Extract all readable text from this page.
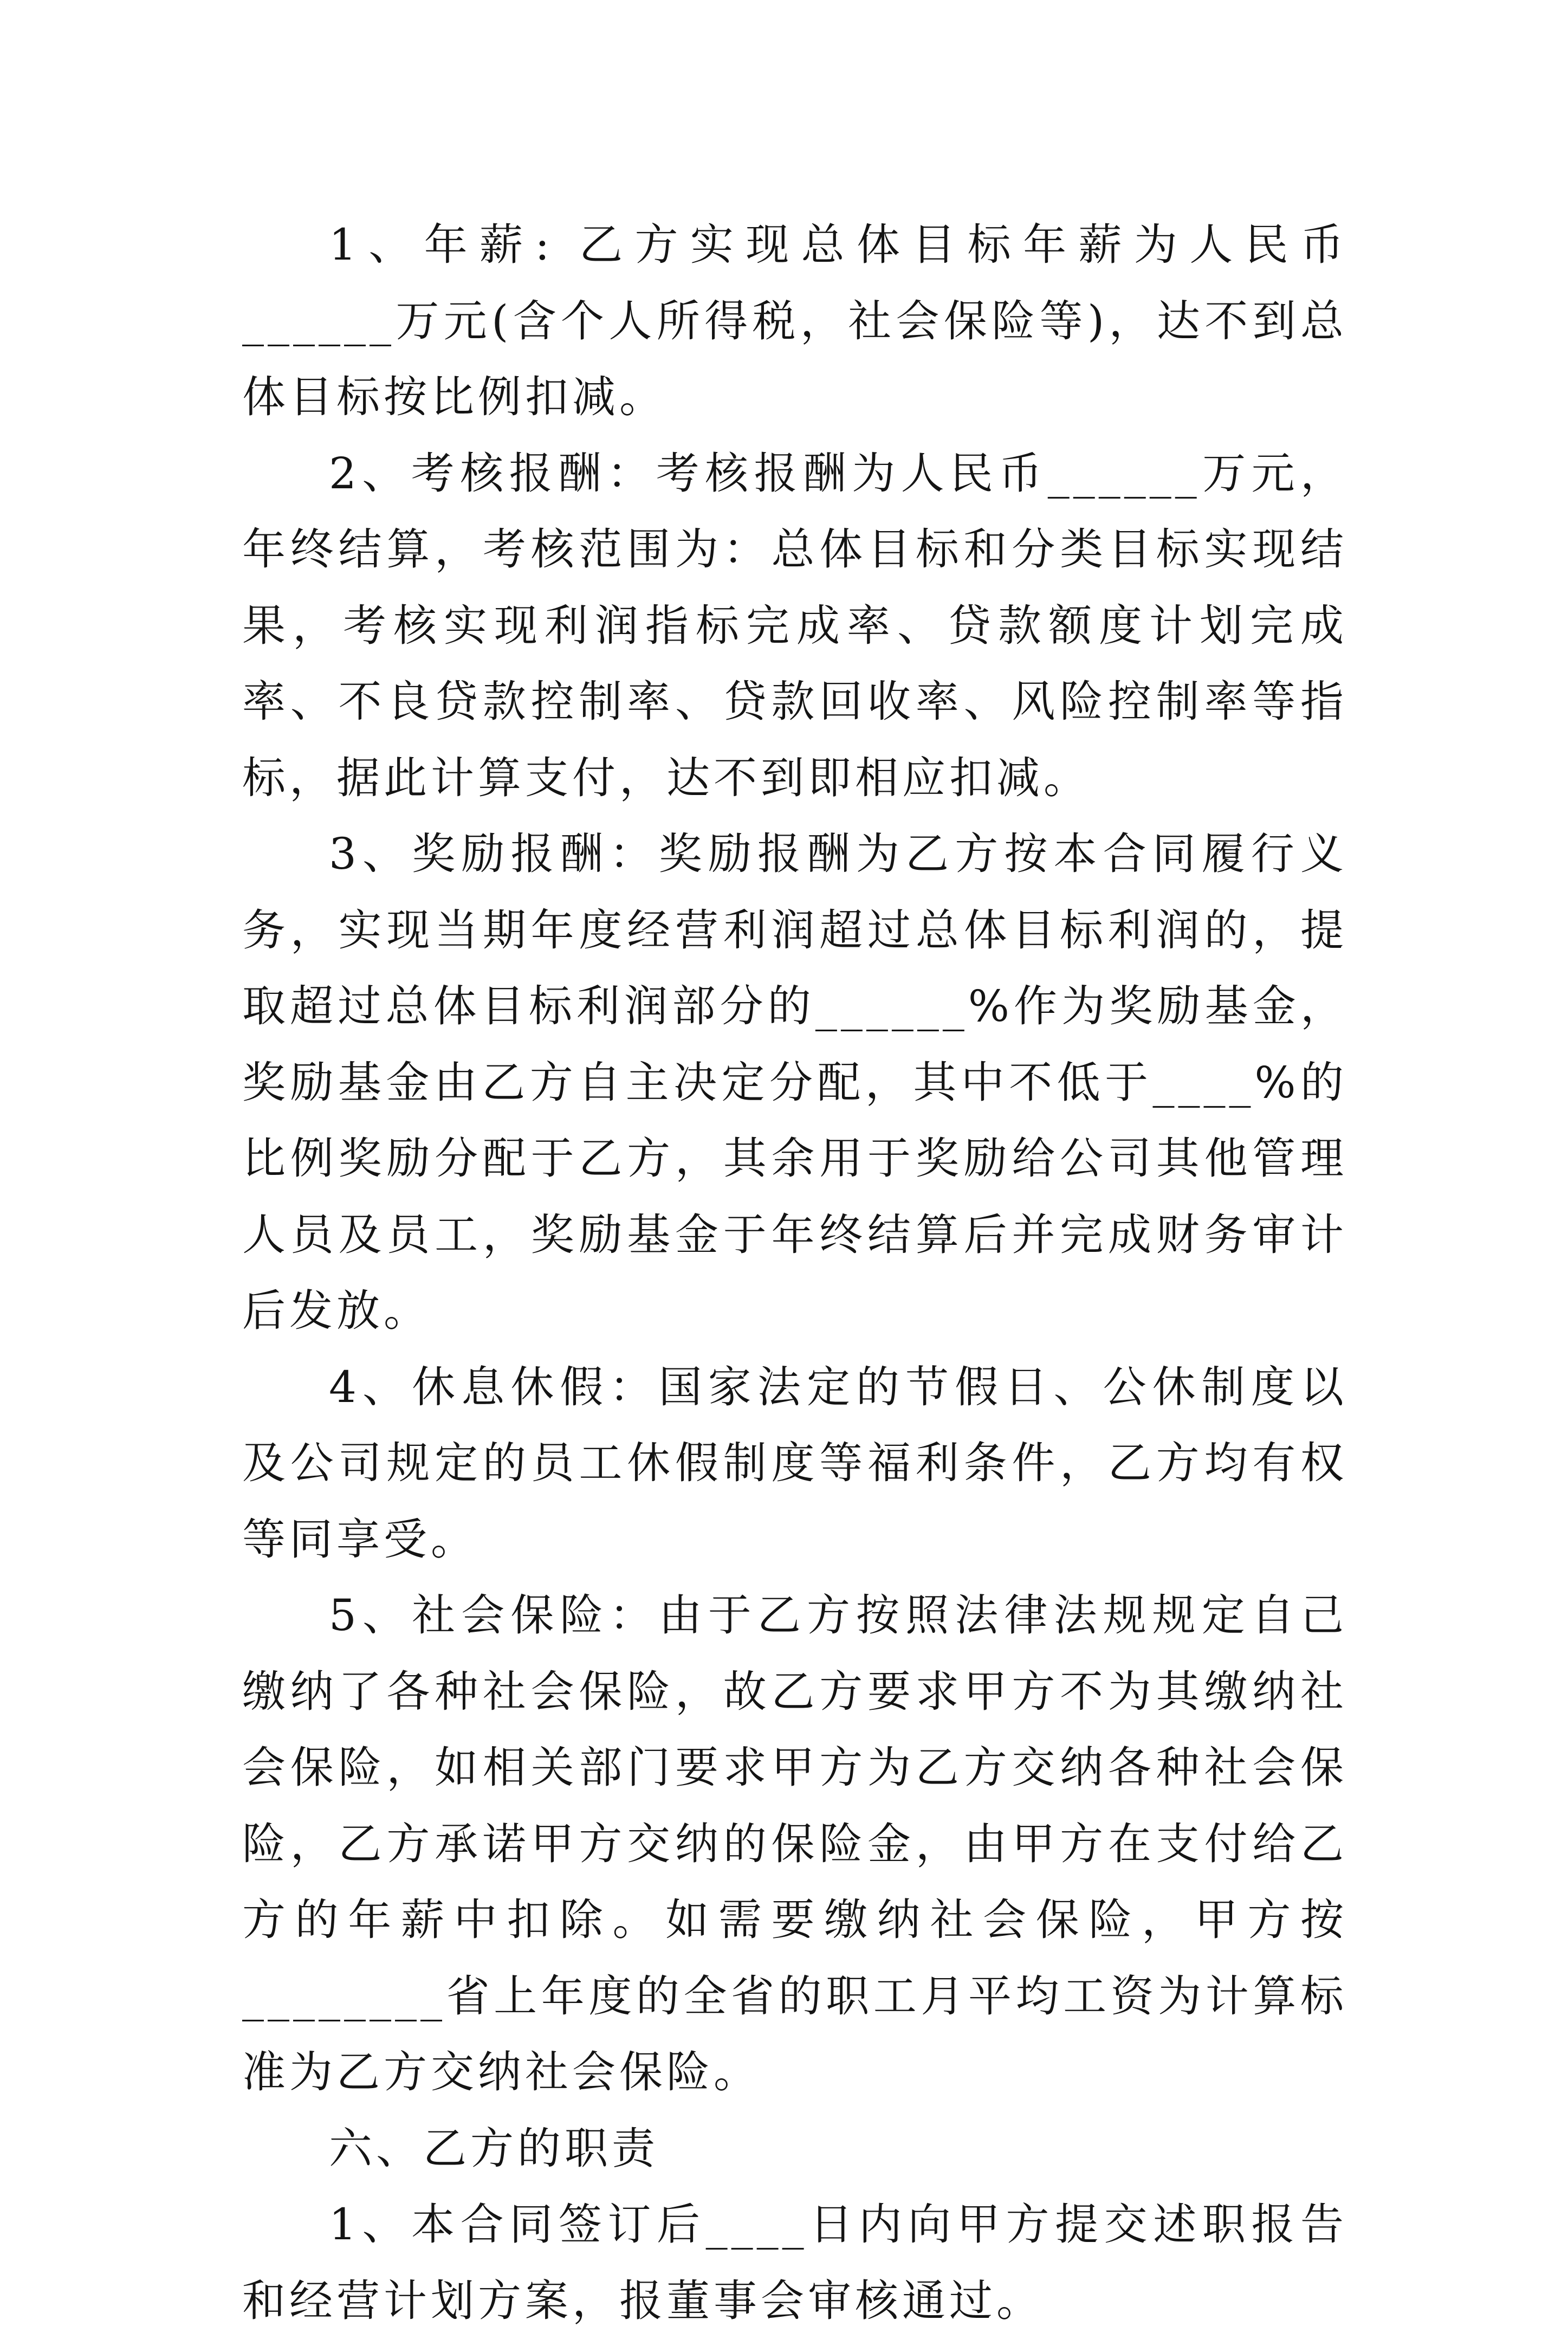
1、年薪: 乙方实现总体目标年薪为人民币______万元(含个人所得税，社会保险等)，达不到总体目标按比例扣减。

2、考核报酬：考核报酬为人民币______万元，年终结算，考核范围为：总体目标和分类目标实现结果，考核实现利润指标完成率、贷款额度计划完成率、不良贷款控制率、贷款回收率、风险控制率等指标，据此计算支付，达不到即相应扣减。

3、奖励报酬：奖励报酬为乙方按本合同履行义务，实现当期年度经营利润超过总体目标利润的，提取超过总体目标利润部分的______%作为奖励基金，奖励基金由乙方自主决定分配，其中不低于____%的比例奖励分配于乙方，其余用于奖励给公司其他管理人员及员工，奖励基金于年终结算后并完成财务审计后发放。

4、休息休假：国家法定的节假日、公休制度以及公司规定的员工休假制度等福利条件，乙方均有权等同享受。

5、社会保险：由于乙方按照法律法规规定自己缴纳了各种社会保险，故乙方要求甲方不为其缴纳社会保险，如相关部门要求甲方为乙方交纳各种社会保险，乙方承诺甲方交纳的保险金，由甲方在支付给乙方的年薪中扣除。如需要缴纳社会保险，甲方按________省上年度的全省的职工月平均工资为计算标准为乙方交纳社会保险。

六、乙方的职责

1、本合同签订后____日内向甲方提交述职报告和经营计划方案，报董事会审核通过。
